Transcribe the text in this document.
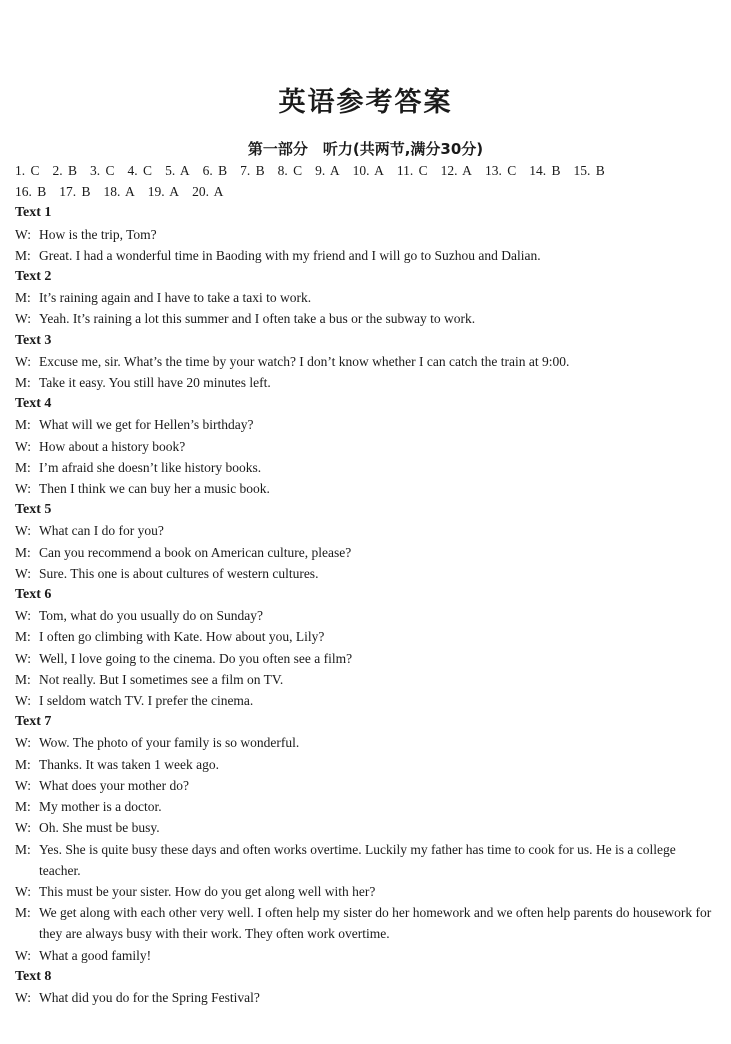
英语参考答案
第一部分　听力(共两节,满分30分)
1. C 2. B 3. C 4. C 5. A 6. B 7. B 8. C 9. A 10. A 11. C 12. A 13. C 14. B 15. B
16. B 17. B 18. A 19. A 20. A
Text 1
W: How is the trip, Tom?
M: Great. I had a wonderful time in Baoding with my friend and I will go to Suzhou and Dalian.
Text 2
M: It’s raining again and I have to take a taxi to work.
W: Yeah. It’s raining a lot this summer and I often take a bus or the subway to work.
Text 3
W: Excuse me, sir. What’s the time by your watch? I don’t know whether I can catch the train at 9:00.
M: Take it easy. You still have 20 minutes left.
Text 4
M: What will we get for Hellen’s birthday?
W: How about a history book?
M: I’m afraid she doesn’t like history books.
W: Then I think we can buy her a music book.
Text 5
W: What can I do for you?
M: Can you recommend a book on American culture, please?
W: Sure. This one is about cultures of western cultures.
Text 6
W: Tom, what do you usually do on Sunday?
M: I often go climbing with Kate. How about you, Lily?
W: Well, I love going to the cinema. Do you often see a film?
M: Not really. But I sometimes see a film on TV.
W: I seldom watch TV. I prefer the cinema.
Text 7
W: Wow. The photo of your family is so wonderful.
M: Thanks. It was taken 1 week ago.
W: What does your mother do?
M: My mother is a doctor.
W: Oh. She must be busy.
M: Yes. She is quite busy these days and often works overtime. Luckily my father has time to cook for us. He is a college teacher.
W: This must be your sister. How do you get along well with her?
M: We get along with each other very well. I often help my sister do her homework and we often help parents do housework for they are always busy with their work. They often work overtime.
W: What a good family!
Text 8
W: What did you do for the Spring Festival?
